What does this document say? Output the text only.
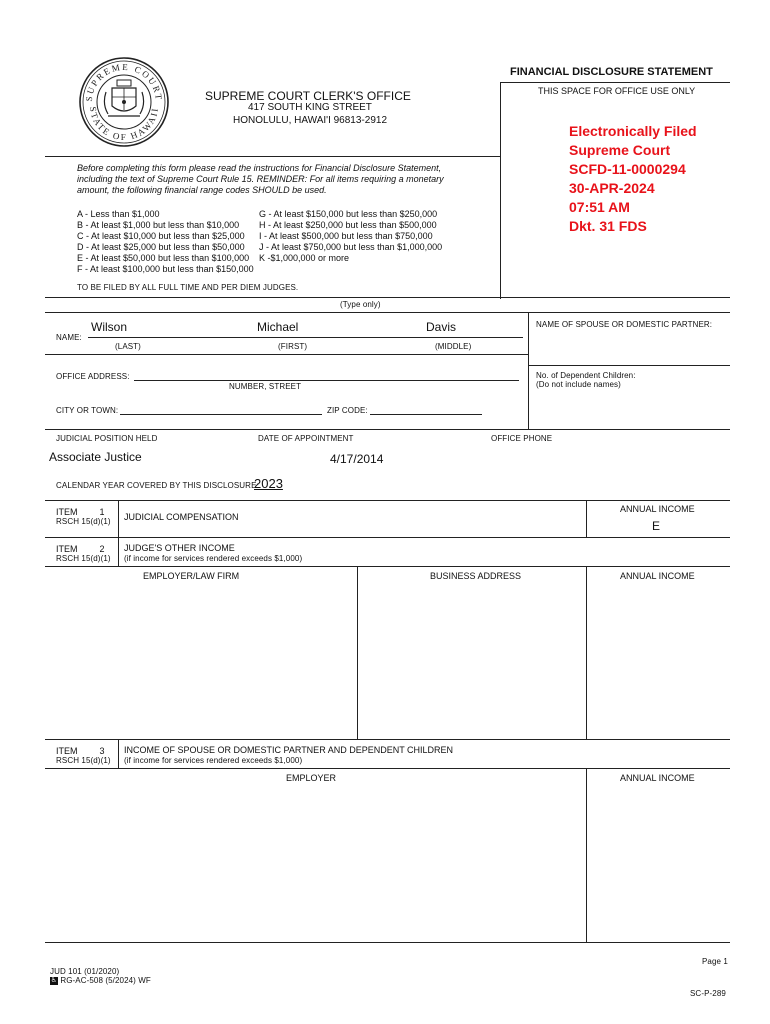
SUPREME COURT
STATE OF HAWAII
FINANCIAL DISCLOSURE STATEMENT
THIS SPACE FOR OFFICE USE ONLY
SUPREME COURT CLERK'S OFFICE
417 SOUTH KING STREET
HONOLULU, HAWAI'I 96813-2912
Electronically Filed
Supreme Court
SCFD-11-0000294
30-APR-2024
07:51 AM
Dkt. 31 FDS
Before completing this form please read the instructions for Financial Disclosure Statement,
including the text of Supreme Court Rule 15. REMINDER: For all items requiring a monetary
amount, the following financial range codes SHOULD be used.
A - Less than $1,000
B - At least $1,000 but less than $10,000
C - At least $10,000 but less than $25,000
D - At least $25,000 but less than $50,000
E - At least $50,000 but less than $100,000
F - At least $100,000 but less than $150,000
G - At least $150,000 but less than $250,000
H - At least $250,000 but less than $500,000
I - At least $500,000 but less than $750,000
J - At least $750,000 but less than $1,000,000
K -$1,000,000 or more
TO BE FILED BY ALL FULL TIME AND PER DIEM JUDGES.
(Type only)
NAME:
Wilson	Michael	Davis
(LAST)	(FIRST)	(MIDDLE)
NAME OF SPOUSE OR DOMESTIC PARTNER:
OFFICE ADDRESS:
NUMBER, STREET
No. of Dependent Children:
(Do not include names)
CITY OR TOWN:	ZIP CODE:
JUDICIAL POSITION HELD	DATE OF APPOINTMENT	OFFICE PHONE
Associate Justice	4/17/2014
CALENDAR YEAR COVERED BY THIS DISCLOSURE:
2023
ITEM 1
RSCH 15(d)(1) JUDICIAL COMPENSATION
ANNUAL INCOME
E
ITEM 2
RSCH 15(d)(1)
JUDGE'S OTHER INCOME
(if income for services rendered exceeds $1,000)
EMPLOYER/LAW FIRM	BUSINESS ADDRESS	ANNUAL INCOME
ITEM 3
RSCH 15(d)(1)
INCOME OF SPOUSE OR DOMESTIC PARTNER AND DEPENDENT CHILDREN
(if income for services rendered exceeds $1,000)
EMPLOYER	ANNUAL INCOME
Page 1
JUD 101 (01/2020)
♿ RG-AC-508 (5/2024) WF
SC-P-289
